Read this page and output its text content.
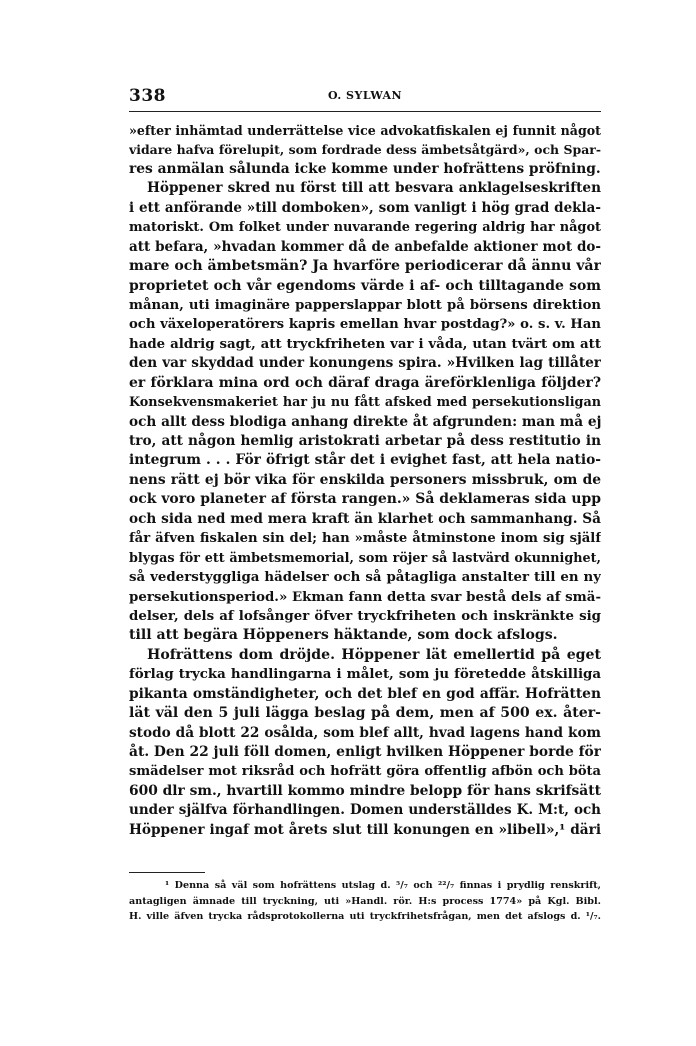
338	O. SYLWAN
»efter inhämtad underrättelse vice advokatfiskalen ej funnit något
vidare hafva förelupit, som fordrade dess ämbetsåtgärd», och Spar-
res anmälan sålunda icke komme under hofrättens pröfning.
Höppener skred nu först till att besvara anklagelseskriften
i ett anförande »till domboken», som vanligt i hög grad dekla-
matoriskt. Om folket under nuvarande regering aldrig har något
att befara, »hvadan kommer då de anbefalde aktioner mot do-
mare och ämbetsmän? Ja hvarföre periodicerar då ännu vår
proprietet och vår egendoms värde i af- och tilltagande som
månan, uti imaginäre papperslappar blott på börsens direktion
och växeloperatörers kapris emellan hvar postdag?» o. s. v. Han
hade aldrig sagt, att tryckfriheten var i våda, utan tvärt om att
den var skyddad under konungens spira. »Hvilken lag tillåter
er förklara mina ord och däraf draga äreförklenliga följder?
Konsekvensmakeriet har ju nu fått afsked med persekutionsligan
och allt dess blodiga anhang direkte åt afgrunden: man må ej
tro, att någon hemlig aristokrati arbetar på dess restitutio in
integrum . . . För öfrigt står det i evighet fast, att hela natio-
nens rätt ej bör vika för enskilda personers missbruk, om de
ock voro planeter af första rangen.» Så deklameras sida upp
och sida ned med mera kraft än klarhet och sammanhang. Så
får äfven fiskalen sin del; han »måste åtminstone inom sig själf
blygas för ett ämbetsmemorial, som röjer så lastvärd okunnighet,
så vederstyggliga hädelser och så påtagliga anstalter till en ny
persekutionsperiod.» Ekman fann detta svar bestå dels af smä-
delser, dels af lofsånger öfver tryckfriheten och inskränkte sig
till att begära Höppeners häktande, som dock afslogs.
Hofrättens dom dröjde. Höppener lät emellertid på eget
förlag trycka handlingarna i målet, som ju företedde åtskilliga
pikanta omständigheter, och det blef en god affär. Hofrätten
lät väl den 5 juli lägga beslag på dem, men af 500 ex. åter-
stodo då blott 22 osålda, som blef allt, hvad lagens hand kom
åt. Den 22 juli föll domen, enligt hvilken Höppener borde för
smädelser mot riksråd och hofrätt göra offentlig afbön och böta
600 dlr sm., hvartill kommo mindre belopp för hans skrifsätt
under själfva förhandlingen. Domen underställdes K. M:t, och
Höppener ingaf mot årets slut till konungen en »libell»,¹ däri
¹ Denna så väl som hofrättens utslag d. ⁵/₇ och ²²/₇ finnas i prydlig renskrift,
antagligen ämnade till tryckning, uti »Handl. rör. H:s process 1774» på Kgl. Bibl.
H. ville äfven trycka rådsprotokollerna uti tryckfrihetsfrågan, men det afslogs d. ¹/₇.
